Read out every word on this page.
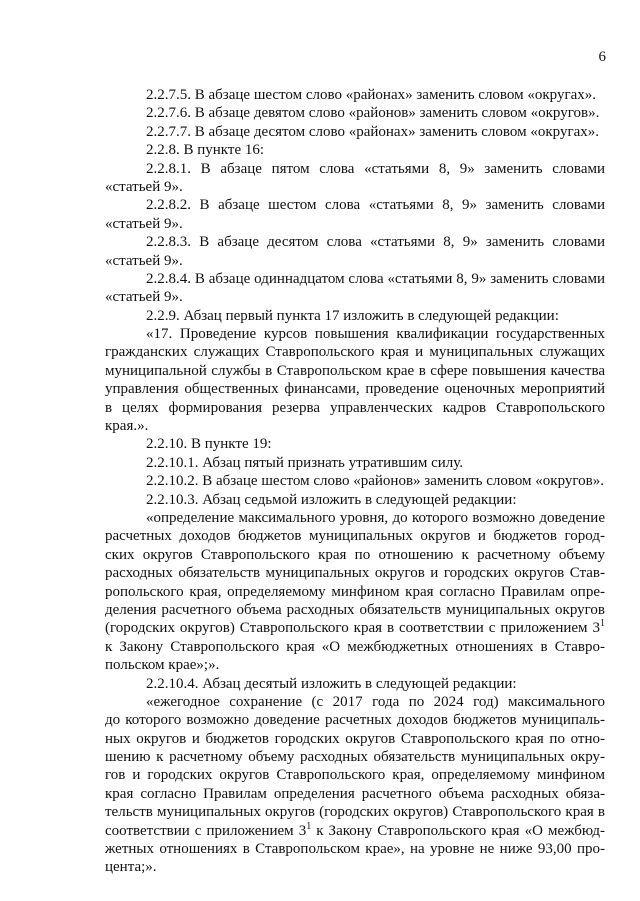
6
2.2.7.5. В абзаце шестом слово «районах» заменить словом «округах».
2.2.7.6. В абзаце девятом слово «районов» заменить словом «округов».
2.2.7.7. В абзаце десятом слово «районах» заменить словом «округах».
2.2.8. В пункте 16:
2.2.8.1. В абзаце пятом слова «статьями 8, 9» заменить словами
«статьей 9».
2.2.8.2. В абзаце шестом слова «статьями 8, 9» заменить словами
«статьей 9».
2.2.8.3. В абзаце десятом слова «статьями 8, 9» заменить словами
«статьей 9».
2.2.8.4. В абзаце одиннадцатом слова «статьями 8, 9» заменить словами
«статьей 9».
2.2.9. Абзац первый пункта 17 изложить в следующей редакции:
«17. Проведение курсов повышения квалификации государственных
гражданских служащих Ставропольского края и муниципальных служащих
муниципальной службы в Ставропольском крае в сфере повышения качества
управления общественных финансами, проведение оценочных мероприятий
в целях формирования резерва управленческих кадров Ставропольского
края.».
2.2.10. В пункте 19:
2.2.10.1. Абзац пятый признать утратившим силу.
2.2.10.2. В абзаце шестом слово «районов» заменить словом «округов».
2.2.10.3. Абзац седьмой изложить в следующей редакции:
«определение максимального уровня, до которого возможно доведение
расчетных доходов бюджетов муниципальных округов и бюджетов город-
ских округов Ставропольского края по отношению к расчетному объему
расходных обязательств муниципальных округов и городских округов Став-
ропольского края, определяемому минфином края согласно Правилам опре-
деления расчетного объема расходных обязательств муниципальных округов
(городских округов) Ставропольского края в соответствии с приложением $3^1$
к Закону Ставропольского края «О межбюджетных отношениях в Ставро-
польском крае»;».
2.2.10.4. Абзац десятый изложить в следующей редакции:
«ежегодное сохранение (с 2017 года по 2024 год) максимального
до которого возможно доведение расчетных доходов бюджетов муниципаль-
ных округов и бюджетов городских округов Ставропольского края по отно-
шению к расчетному объему расходных обязательств муниципальных окру-
гов и городских округов Ставропольского края, определяемому минфином
края согласно Правилам определения расчетного объема расходных обяза-
тельств муниципальных округов (городских округов) Ставропольского края в
соответствии с приложением $3^1$ к Закону Ставропольского края «О межбюд-
жетных отношениях в Ставропольском крае», на уровне не ниже 93,00 про-
цента;».
